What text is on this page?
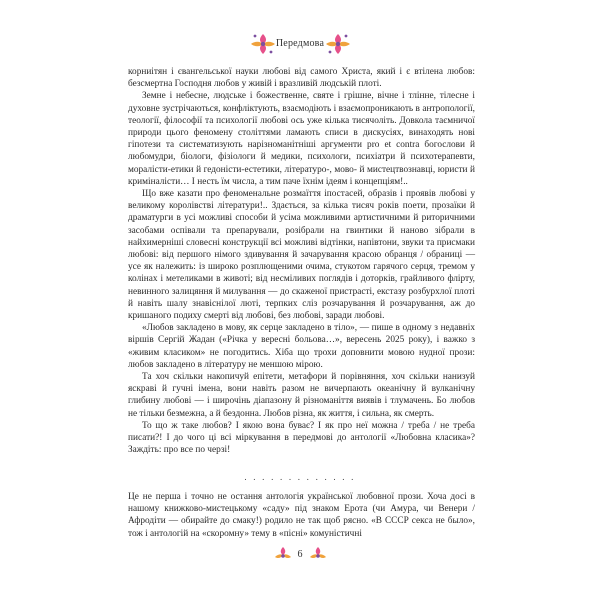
Передмова

корниітян і євангельської науки любові від самого Христа, який і є втілена любов: безсмертна Господня любов у живій і вразливій людській плоті.

Земне і небесне, людське і божественне, святе і грішне, вічне і тлінне, тілесне і духовне зустрічаються, конфліктують, взаємодіють і взаємопроникають в антропології, теології, філософії та психології любові ось уже кілька тисячоліть. Довкола таємничої природи цього феномену століттями ламають списи в дискусіях, винаходять нові гіпотези та систематизують нарізноманітніші аргументи pro et contra богослови й любомудри, біологи, фізіологи й медики, психологи, психіатри й психотерапевти, моралісти-етики й гедоністи-естетики, літературо-, мово- й мистецтвознавці, юристи й криміналісти… І несть їм числа, а тим паче їхнім ідеям і концепціям!..

Що вже казати про феноменальне розмаїття іпостасей, образів і проявів любові у великому королівстві літератури!.. Здається, за кілька тисяч років поети, прозаїки й драматурги в усі можливі способи й усіма можливими артистичними й риторичними засобами оспівали та препарували, розібрали на гвинтики й наново зібрали в найхимернішi словесні конструкції всі можливі відтінки, напівтони, звуки та присмаки любові: від першого німого здивування й зачарування красою обранця / обраниці — усе як належить: із широко розплющеними очима, стукотом гарячого серця, тремом у колінах і метеликами в животі; від несміливих поглядів і доторків, грайливого флірту, невинного залицяння й милування — до скаженої пристрасті, екстазу розбурхлої плоті й навіть шалу знавіснілої люті, терпких сліз розчарування й розчарування, аж до кришаного подиху смерті від любові, без любові, заради любові.

«Любов закладено в мову, як серце закладено в тіло», — пише в одному з недавніх віршів Сергій Жадан («Річка у вересні больова…», вересень 2025 року), і важко з «живим класиком» не погодитись. Хіба що трохи доповнити мовою нудної прози: любов закладено в літературу не меншою мірою.

Та хоч скільки накопичуй епітети, метафори й порівняння, хоч скільки нанизуй яскраві й гучні імена, вони навіть разом не вичерпають океанічну й вулканічну глибину любові — і широчінь діапазону й різноманіття виявів і тлумачень. Бо любов не тільки безмежна, а й бездонна. Любов різна, як життя, і сильна, як смерть.

То що ж таке любов? І якою вона буває? І як про неї можна / треба / не треба писати?! І до чого ці всі міркування в передмові до антології «Любовна класика»? Заждіть: про все по черзі!

. . . . . . . . . . . . .

Це не перша і точно не остання антологія української любовної прози. Хоча досі в нашому книжково-мистецькому «саду» під знаком Ерота (чи Амура, чи Венери / Афродіти — обирайте до смаку!) родило не так щоб рясно. «В СССР секса не было», тож і антологій на «скоромну» тему в «пісні» комуністичні

6
